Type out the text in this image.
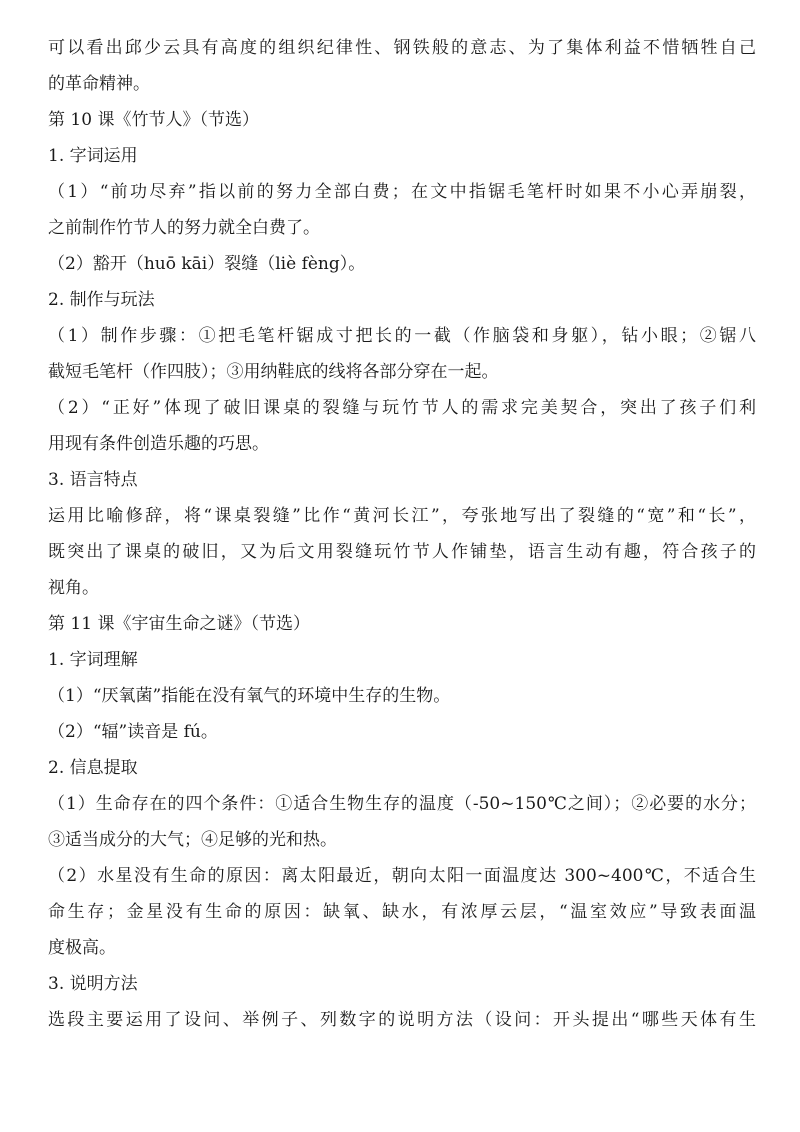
可以看出邱少云具有高度的组织纪律性、钢铁般的意志、为了集体利益不惜牺牲自己
的革命精神。
第 10 课《竹节人》（节选）
1. 字词运用
（1）“前功尽弃”指以前的努力全部白费；在文中指锯毛笔杆时如果不小心弄崩裂，
之前制作竹节人的努力就全白费了。
（2）豁开（huō kāi）裂缝（liè fèng）。
2. 制作与玩法
（1）制作步骤：①把毛笔杆锯成寸把长的一截（作脑袋和身躯），钻小眼；②锯八
截短毛笔杆（作四肢）；③用纳鞋底的线将各部分穿在一起。
（2）“正好”体现了破旧课桌的裂缝与玩竹节人的需求完美契合，突出了孩子们利
用现有条件创造乐趣的巧思。
3. 语言特点
运用比喻修辞，将“课桌裂缝”比作“黄河长江”，夸张地写出了裂缝的“宽”和“长”，
既突出了课桌的破旧，又为后文用裂缝玩竹节人作铺垫，语言生动有趣，符合孩子的
视角。
第 11 课《宇宙生命之谜》（节选）
1. 字词理解
（1）“厌氧菌”指能在没有氧气的环境中生存的生物。
（2）“辐”读音是 fú。
2. 信息提取
（1）生命存在的四个条件：①适合生物生存的温度（-50~150℃之间）；②必要的水分；
③适当成分的大气；④足够的光和热。
（2）水星没有生命的原因：离太阳最近，朝向太阳一面温度达 300~400℃，不适合生
命生存；金星没有生命的原因：缺氧、缺水，有浓厚云层，“温室效应”导致表面温
度极高。
3. 说明方法
选段主要运用了设问、举例子、列数字的说明方法（设问：开头提出“哪些天体有生
